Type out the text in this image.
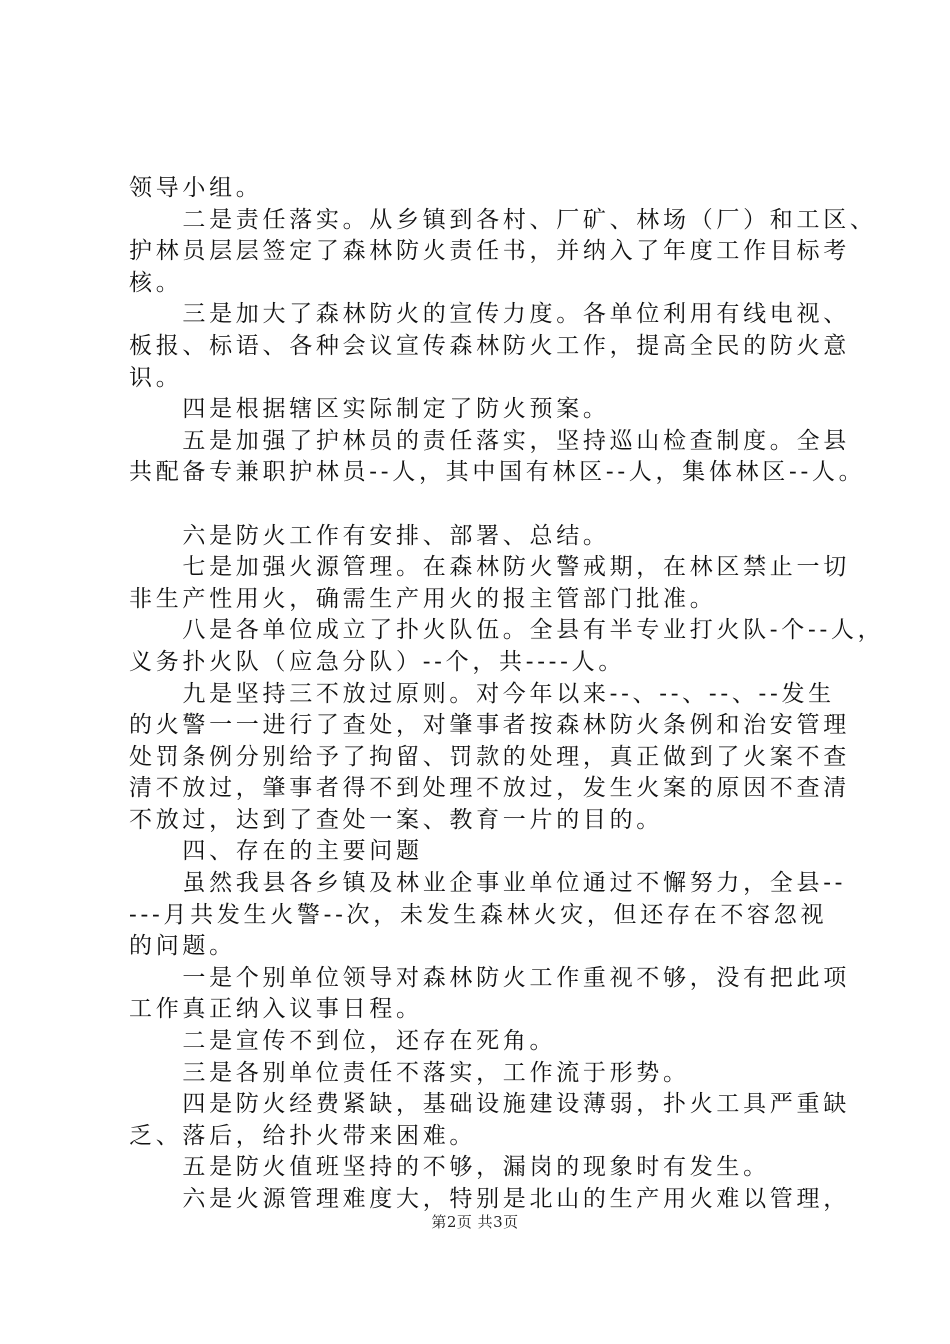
领导小组。
　　二是责任落实。从乡镇到各村、厂矿、林场（厂）和工区、
护林员层层签定了森林防火责任书，并纳入了年度工作目标考
核。
　　三是加大了森林防火的宣传力度。各单位利用有线电视、
板报、标语、各种会议宣传森林防火工作，提高全民的防火意
识。
　　四是根据辖区实际制定了防火预案。
　　五是加强了护林员的责任落实，坚持巡山检查制度。全县
共配备专兼职护林员--人，其中国有林区--人，集体林区--人。
　　六是防火工作有安排、部署、总结。
　　七是加强火源管理。在森林防火警戒期，在林区禁止一切
非生产性用火，确需生产用火的报主管部门批准。
　　八是各单位成立了扑火队伍。全县有半专业打火队-个--人，
义务扑火队（应急分队）--个，共----人。
　　九是坚持三不放过原则。对今年以来--、--、--、--发生
的火警一一进行了查处，对肇事者按森林防火条例和治安管理
处罚条例分别给予了拘留、罚款的处理，真正做到了火案不查
清不放过，肇事者得不到处理不放过，发生火案的原因不查清
不放过，达到了查处一案、教育一片的目的。
　　四、存在的主要问题
　　虽然我县各乡镇及林业企事业单位通过不懈努力，全县--
---月共发生火警--次，未发生森林火灾，但还存在不容忽视
的问题。
　　一是个别单位领导对森林防火工作重视不够，没有把此项
工作真正纳入议事日程。
　　二是宣传不到位，还存在死角。
　　三是各别单位责任不落实，工作流于形势。
　　四是防火经费紧缺，基础设施建设薄弱，扑火工具严重缺
乏、落后，给扑火带来困难。
　　五是防火值班坚持的不够，漏岗的现象时有发生。
　　六是火源管理难度大，特别是北山的生产用火难以管理，
第2页 共3页
